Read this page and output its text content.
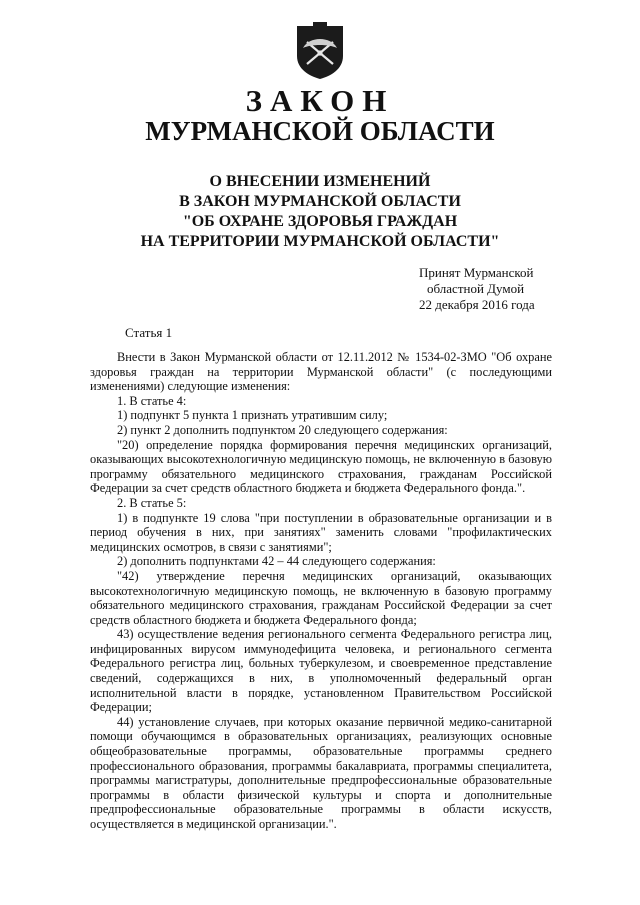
ЗАКОН
МУРМАНСКОЙ ОБЛАСТИ
О ВНЕСЕНИИ ИЗМЕНЕНИЙ
В ЗАКОН МУРМАНСКОЙ ОБЛАСТИ
"ОБ ОХРАНЕ ЗДОРОВЬЯ ГРАЖДАН
НА ТЕРРИТОРИИ МУРМАНСКОЙ ОБЛАСТИ"
Принят Мурманской
областной Думой
22 декабря 2016 года
Статья 1

Внести в Закон Мурманской области от 12.11.2012 № 1534-02-ЗМО "Об охране здоровья граждан на территории Мурманской области" (с последующими изменениями) следующие изменения:

1. В статье 4:

1) подпункт 5 пункта 1 признать утратившим силу;

2) пункт 2 дополнить подпунктом 20 следующего содержания:

"20) определение порядка формирования перечня медицинских организаций, оказывающих высокотехнологичную медицинскую помощь, не включенную в базовую программу обязательного медицинского страхования, гражданам Российской Федерации за счет средств областного бюджета и бюджета Федерального фонда.".

2. В статье 5:

1) в подпункте 19 слова "при поступлении в образовательные организации и в период обучения в них, при занятиях" заменить словами "профилактических медицинских осмотров, в связи с занятиями";

2) дополнить подпунктами 42 – 44 следующего содержания:

"42) утверждение перечня медицинских организаций, оказывающих высокотехнологичную медицинскую помощь, не включенную в базовую программу обязательного медицинского страхования, гражданам Российской Федерации за счет средств областного бюджета и бюджета Федерального фонда;

43) осуществление ведения регионального сегмента Федерального регистра лиц, инфицированных вирусом иммунодефицита человека, и регионального сегмента Федерального регистра лиц, больных туберкулезом, и своевременное представление сведений, содержащихся в них, в уполномоченный федеральный орган исполнительной власти в порядке, установленном Правительством Российской Федерации;

44) установление случаев, при которых оказание первичной медико-санитарной помощи обучающимся в образовательных организациях, реализующих основные общеобразовательные программы, образовательные программы среднего профессионального образования, программы бакалавриата, программы специалитета, программы магистратуры, дополнительные предпрофессиональные образовательные программы в области физической культуры и спорта и дополнительные предпрофессиональные образовательные программы в области искусств, осуществляется в медицинской организации.".
